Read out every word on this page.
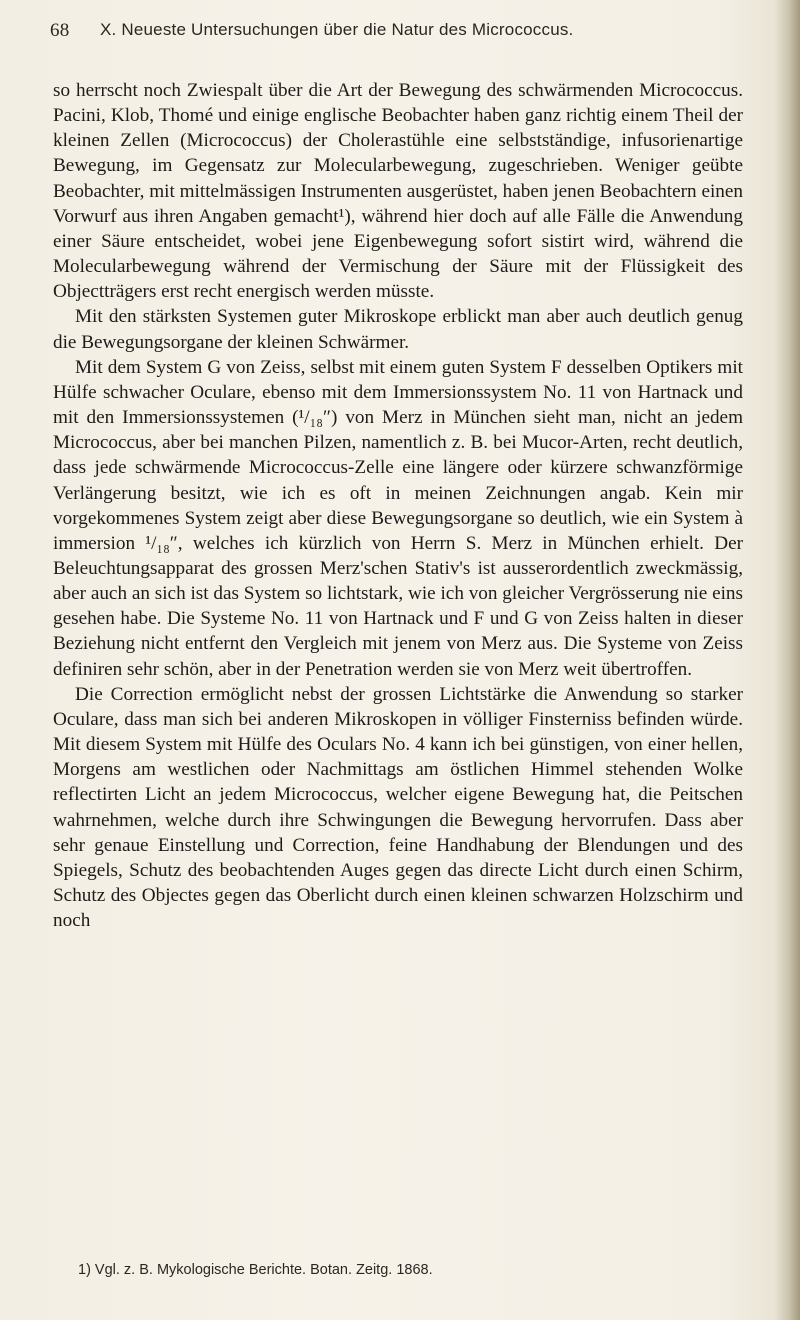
68 X. Neueste Untersuchungen über die Natur des Micrococcus.

so herrscht noch Zwiespalt über die Art der Bewegung des schwärmenden Micrococcus. Pacini, Klob, Thomé und einige englische Beobachter haben ganz richtig einem Theil der kleinen Zellen (Micrococcus) der Cholerastühle eine selbstständige, infusorienartige Bewegung, im Gegensatz zur Molecularbewegung, zugeschrieben. Weniger geübte Beobachter, mit mittelmässigen Instrumenten ausgerüstet, haben jenen Beobachtern einen Vorwurf aus ihren Angaben gemacht¹), während hier doch auf alle Fälle die Anwendung einer Säure entscheidet, wobei jene Eigenbewegung sofort sistirt wird, während die Molecularbewegung während der Vermischung der Säure mit der Flüssigkeit des Objectträgers erst recht energisch werden müsste.

Mit den stärksten Systemen guter Mikroskope erblickt man aber auch deutlich genug die Bewegungsorgane der kleinen Schwärmer.

Mit dem System G von Zeiss, selbst mit einem guten System F desselben Optikers mit Hülfe schwacher Oculare, ebenso mit dem Immersionssystem No. 11 von Hartnack und mit den Immersionssystemen (¹/₁₈″) von Merz in München sieht man, nicht an jedem Micrococcus, aber bei manchen Pilzen, namentlich z. B. bei Mucor-Arten, recht deutlich, dass jede schwärmende Micrococcus-Zelle eine längere oder kürzere schwanzförmige Verlängerung besitzt, wie ich es oft in meinen Zeichnungen angab. Kein mir vorgekommenes System zeigt aber diese Bewegungsorgane so deutlich, wie ein System à immersion ¹/₁₈″, welches ich kürzlich von Herrn S. Merz in München erhielt. Der Beleuchtungsapparat des grossen Merz'schen Stativ's ist ausserordentlich zweckmässig, aber auch an sich ist das System so lichtstark, wie ich von gleicher Vergrösserung nie eins gesehen habe. Die Systeme No. 11 von Hartnack und F und G von Zeiss halten in dieser Beziehung nicht entfernt den Vergleich mit jenem von Merz aus. Die Systeme von Zeiss definiren sehr schön, aber in der Penetration werden sie von Merz weit übertroffen.

Die Correction ermöglicht nebst der grossen Lichtstärke die Anwendung so starker Oculare, dass man sich bei anderen Mikroskopen in völliger Finsterniss befinden würde. Mit diesem System mit Hülfe des Oculars No. 4 kann ich bei günstigen, von einer hellen, Morgens am westlichen oder Nachmittags am östlichen Himmel stehenden Wolke reflectirten Licht an jedem Micrococcus, welcher eigene Bewegung hat, die Peitschen wahrnehmen, welche durch ihre Schwingungen die Bewegung hervorrufen. Dass aber sehr genaue Einstellung und Correction, feine Handhabung der Blendungen und des Spiegels, Schutz des beobachtenden Auges gegen das directe Licht durch einen Schirm, Schutz des Objectes gegen das Oberlicht durch einen kleinen schwarzen Holzschirm und noch

1) Vgl. z. B. Mykologische Berichte. Botan. Zeitg. 1868.
